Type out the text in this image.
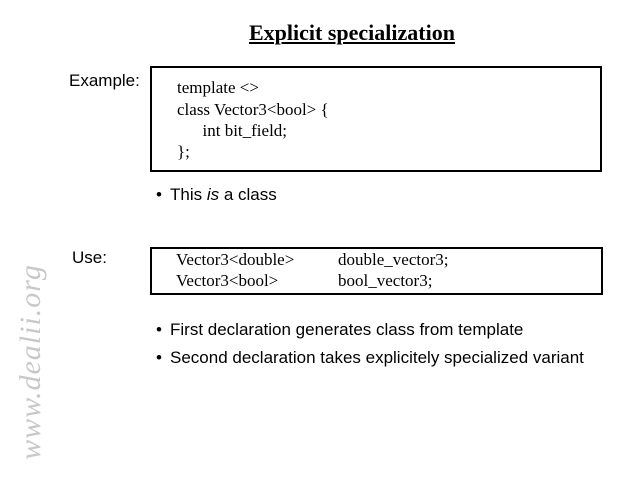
www.dealii.org
Explicit specialization
Example: template <>
class Vector3<bool> {
int bit_field;
};
• This is a class
Use:	Vector3<double>	double_vector3;
Vector3<bool>	bool_vector3;
• First declaration generates class from template
• Second declaration takes explicitely specialized variant
